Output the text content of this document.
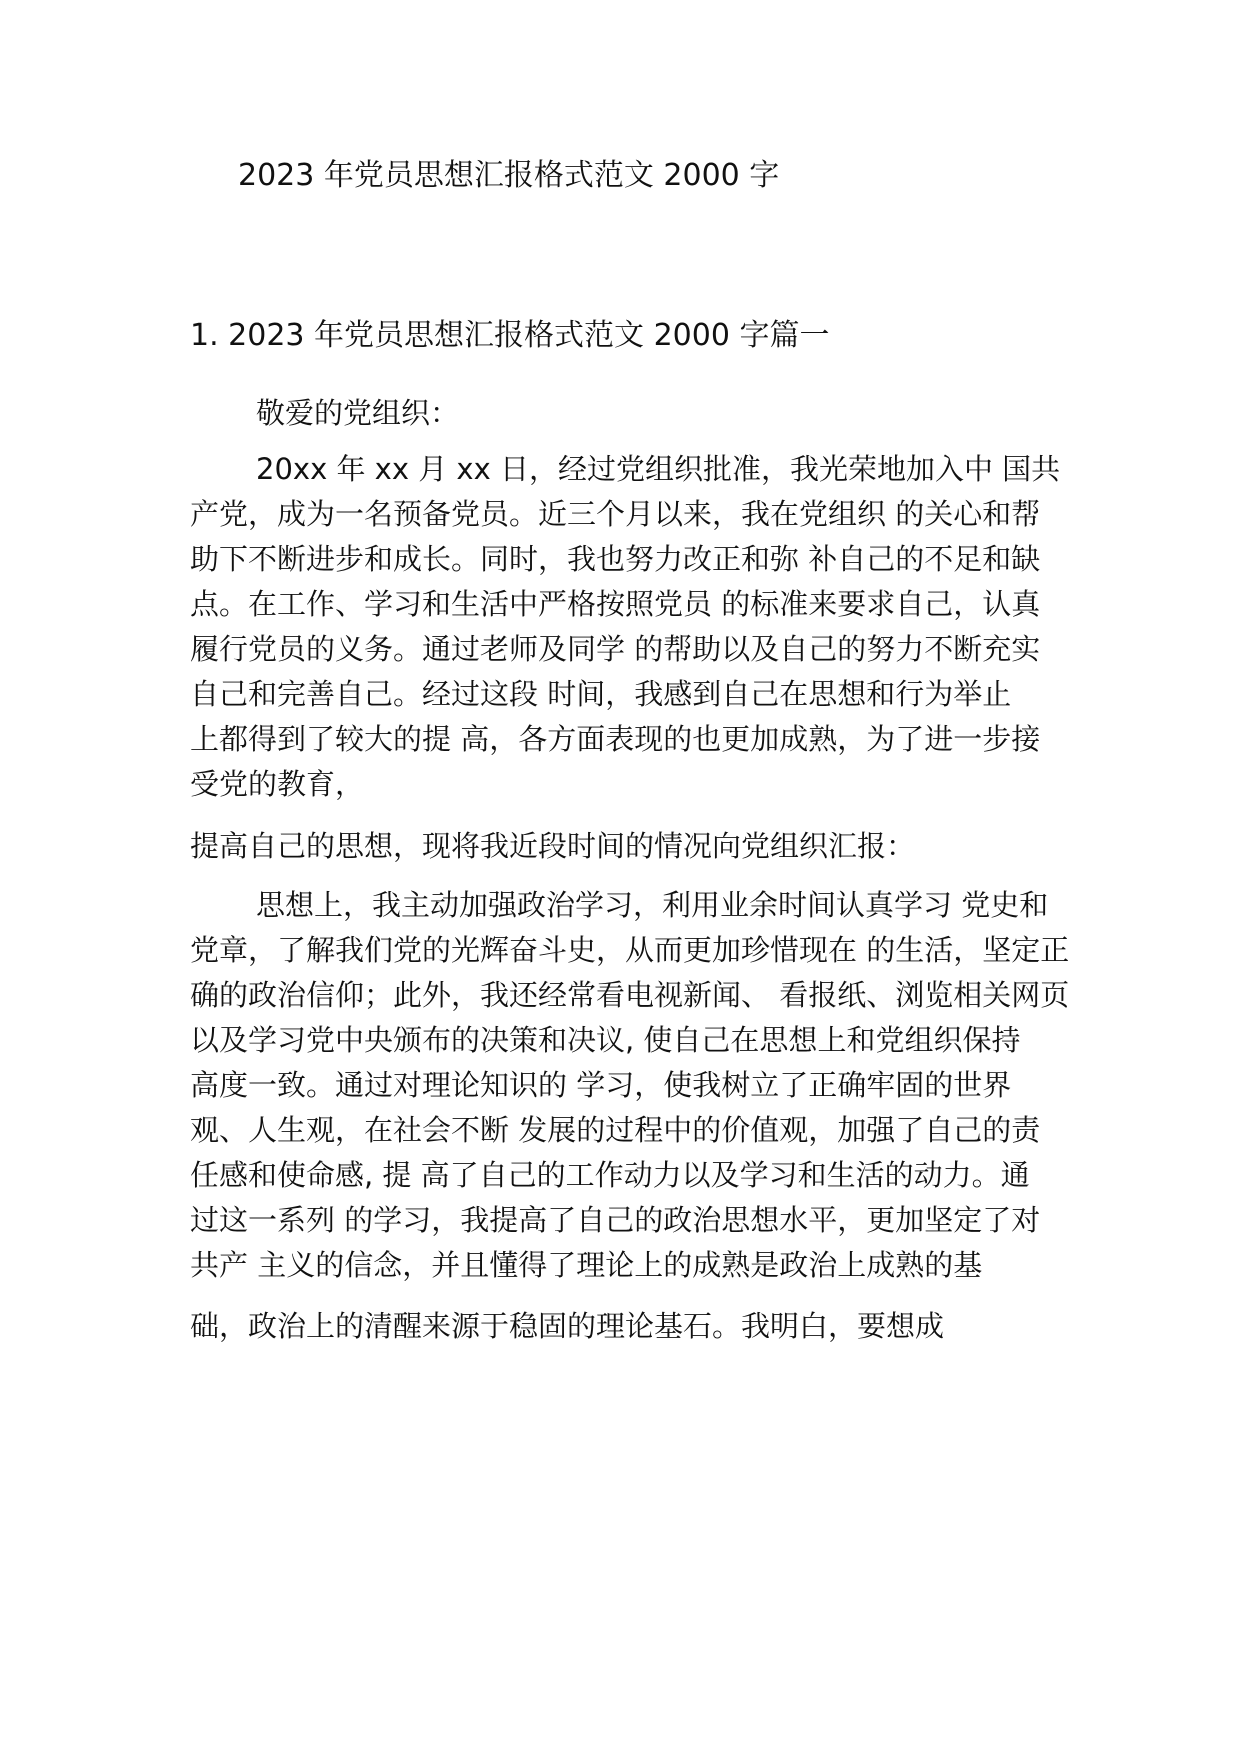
2023 年党员思想汇报格式范文 2000 字
1. 2023 年党员思想汇报格式范文 2000 字篇一
敬爱的党组织：
20xx 年 xx 月 xx 日，经过党组织批准，我光荣地加入中 国共
产党，成为一名预备党员。近三个月以来，我在党组织 的关心和帮
助下不断进步和成长。同时，我也努力改正和弥 补自己的不足和缺
点。在工作、学习和生活中严格按照党员 的标准来要求自己，认真
履行党员的义务。通过老师及同学 的帮助以及自己的努力不断充实
自己和完善自己。经过这段 时间，我感到自己在思想和行为举止
上都得到了较大的提 高，各方面表现的也更加成熟，为了进一步接
受党的教育，
提高自己的思想，现将我近段时间的情况向党组织汇报：
思想上，我主动加强政治学习，利用业余时间认真学习 党史和
党章，了解我们党的光辉奋斗史，从而更加珍惜现在 的生活，坚定正
确的政治信仰；此外，我还经常看电视新闻、 看报纸、浏览相关网页
以及学习党中央颁布的决策和决议, 使自己在思想上和党组织保持
高度一致。通过对理论知识的 学习，使我树立了正确牢固的世界
观、人生观，在社会不断 发展的过程中的价值观，加强了自己的责
任感和使命感, 提 高了自己的工作动力以及学习和生活的动力。通
过这一系列 的学习，我提高了自己的政治思想水平，更加坚定了对
共产 主义的信念，并且懂得了理论上的成熟是政治上成熟的基
础，政治上的清醒来源于稳固的理论基石。我明白，要想成
